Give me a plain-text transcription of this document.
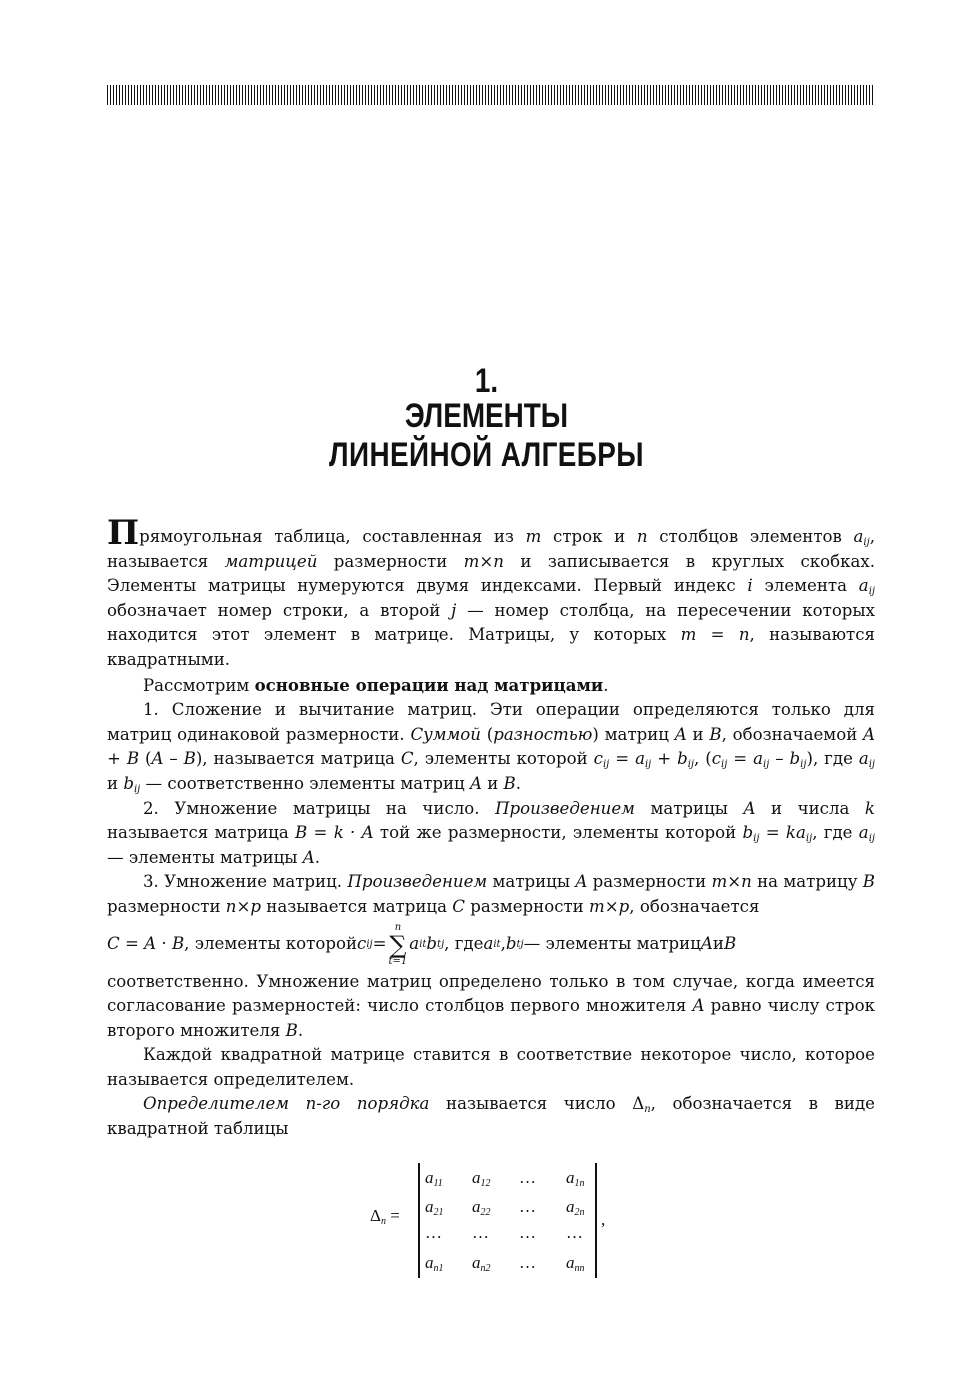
1.
ЭЛЕМЕНТЫ
ЛИНЕЙНОЙ АЛГЕБРЫ

Прямоугольная таблица, составленная из m строк и n столбцов элементов $a_{ij}$, называется матрицей размерности m×n и записывается в круглых скобках. Элементы матрицы нумеруются двумя индексами. Первый индекс i элемента $a_{ij}$ обозначает номер строки, а второй j — номер столбца, на пересечении которых находится этот элемент в матрице. Матрицы, у которых m = n, называются квадратными.

Рассмотрим основные операции над матрицами.

1. Сложение и вычитание матриц. Эти операции определяются только для матриц одинаковой размерности. Суммой (разностью) матриц A и B, обозначаемой A + B (A – B), называется матрица C, элементы которой $c_{ij} = a_{ij} + b_{ij}$, $(c_{ij} = a_{ij} - b_{ij})$, где $a_{ij}$ и $b_{ij}$ — соответственно элементы матриц A и B.

2. Умножение матрицы на число. Произведением матрицы A и числа k называется матрица B = k · A той же размерности, элементы которой $b_{ij} = ka_{ij}$, где $a_{ij}$ — элементы матрицы A.

3. Умножение матриц. Произведением матрицы A размерности m×n на матрицу B размерности n×p называется матрица C размерности m×p, обозначается

C = A · B , элементы которой c ij =
n
∑
t=1
a it b tj , где a it , b tj — элементы матриц A и B

соответственно. Умножение матриц определено только в том случае, когда имеется согласование размерностей: число столбцов первого множителя A равно числу строк второго множителя B.

Каждой квадратной матрице ставится в соответствие некоторое число, которое называется определителем.

Определителем n-го порядка называется число $\Delta_n$, обозначается в виде квадратной таблицы

$\Delta_n$ =
$a_{11}$	$a_{12}$	…	$a_{1n}$
$a_{21}$	$a_{22}$	…	$a_{2n}$
…	…	…	…
$a_{n1}$	$a_{n2}$	…	$a_{nn}$
,
